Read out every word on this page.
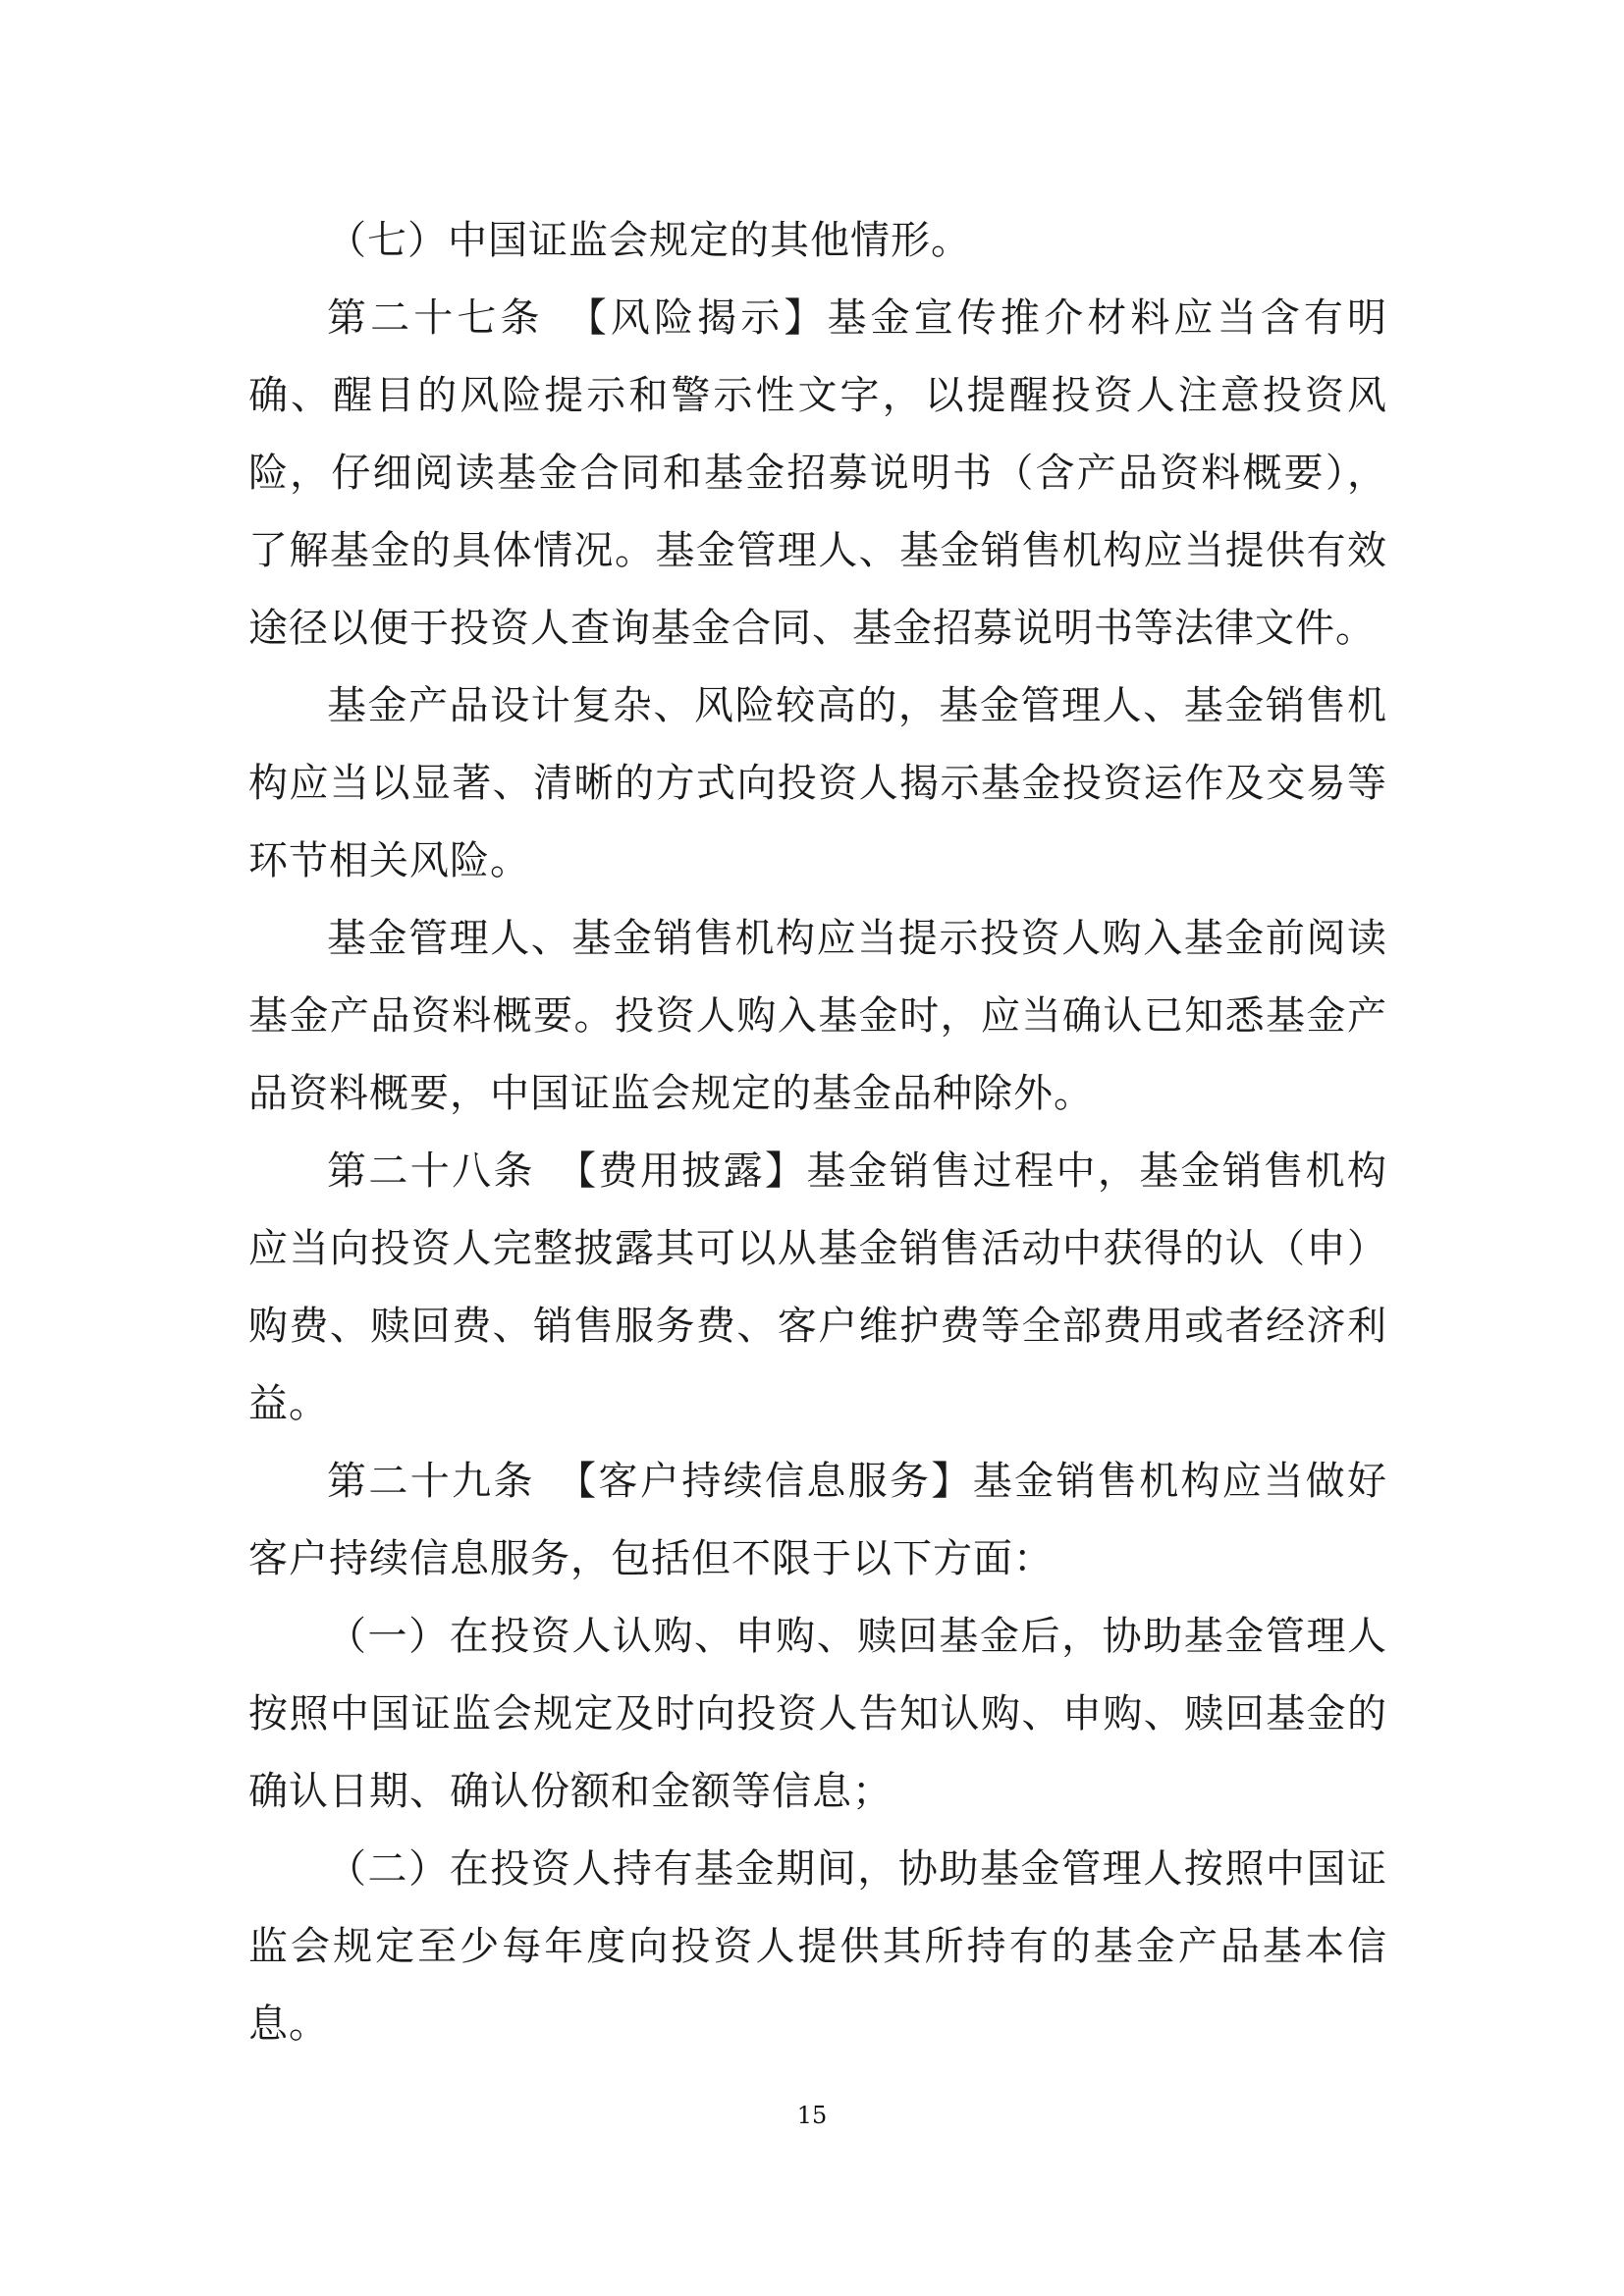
（七）中国证监会规定的其他情形。

第二十七条　【风险揭示】基金宣传推介材料应当含有明确、醒目的风险提示和警示性文字，以提醒投资人注意投资风险，仔细阅读基金合同和基金招募说明书（含产品资料概要），了解基金的具体情况。基金管理人、基金销售机构应当提供有效途径以便于投资人查询基金合同、基金招募说明书等法律文件。

基金产品设计复杂、风险较高的，基金管理人、基金销售机构应当以显著、清晰的方式向投资人揭示基金投资运作及交易等环节相关风险。

基金管理人、基金销售机构应当提示投资人购入基金前阅读基金产品资料概要。投资人购入基金时，应当确认已知悉基金产品资料概要，中国证监会规定的基金品种除外。

第二十八条　【费用披露】基金销售过程中，基金销售机构应当向投资人完整披露其可以从基金销售活动中获得的认（申）购费、赎回费、销售服务费、客户维护费等全部费用或者经济利益。

第二十九条　【客户持续信息服务】基金销售机构应当做好客户持续信息服务，包括但不限于以下方面：

（一）在投资人认购、申购、赎回基金后，协助基金管理人按照中国证监会规定及时向投资人告知认购、申购、赎回基金的确认日期、确认份额和金额等信息；

（二）在投资人持有基金期间，协助基金管理人按照中国证监会规定至少每年度向投资人提供其所持有的基金产品基本信息。

15
